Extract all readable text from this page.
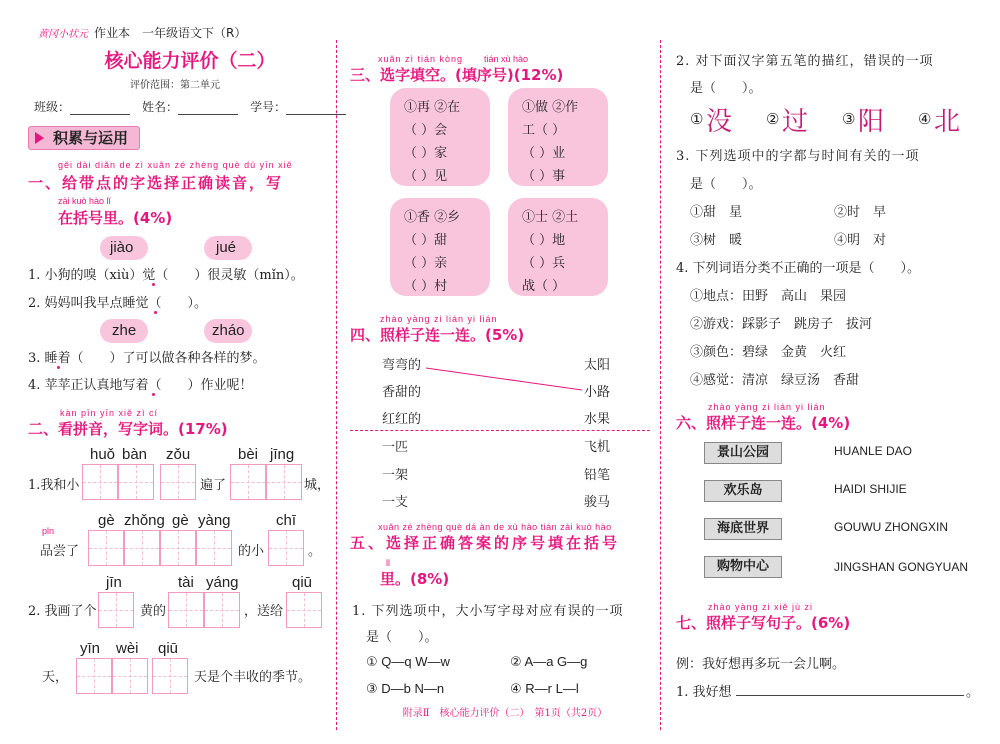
黄冈小状元 作业本　 一年级语文下（R）
核心能力评价（二）
评价范围：第二单元
班级：　	姓名：　	学号：
积累与运用
gěi dài diǎn de zì xuǎn zé zhèng què dú yīn xiě
一、给带点的字选择正确读音，写
zài kuò hào lǐ
在括号里。(4%)
jiào	jué
1. 小狗的嗅（xiù）觉（　　）很灵敏（mǐn）。
2. 妈妈叫我早点睡觉（　　）。
zhe	zháo
3. 睡着（　　）了可以做各种各样的梦。
4. 苹苹正认真地写着（　　）作业呢！
kàn pīn yīn xiě zì cí
二、看拼音，写字词。(17%)
huǒ bàn zǒu	bèi jīng
1.我和小	遍了	城，
pǐn
gè zhǒng gè yàng	chī
品尝了	的小	。
jīn	tài yáng	qiū
2. 我画了个	黄的	，送给
yīn wèi qiū
天，	天是个丰收的季节。
xuǎn zì tián kòng tián xù hào
三、选字填空。(填序号)(12%)
①再 ②在
（ ）会
（ ）家
（ ）见
①做 ②作
工（ ）
（ ）业
（ ）事
①香 ②乡
（ ）甜
（ ）亲
（ ）村
①士 ②土
（ ）地
（ ）兵
战（ ）
zhào yàng zi lián yi lián
四、照样子连一连。(5%)
弯弯的
香甜的
红红的
太阳
小路
水果
一匹
一架
一支
飞机
铅笔
骏马
xuǎn zé zhèng què dá àn de xù hào tián zài kuò hào
五、选择正确答案的序号填在括号
lǐ
里。(8%)
1. 下列选项中，大小写字母对应有误的一项
是（　　）。
① Q—q W—w	② A—a G—g
③ D—b N—n	④ R—r L—l
2. 对下面汉字第五笔的描红，错误的一项
是（　　）。
① 没 ② 过 ③ 阳 ④ 北
3. 下列选项中的字都与时间有关的一项
是（　　）。
①甜　星	②时　早
③树　暖	④明　对
4. 下列词语分类不正确的一项是（　　）。
①地点：田野　高山　果园
②游戏：踩影子　跳房子　拔河
③颜色：碧绿　金黄　火红
④感觉：清凉　绿豆汤　香甜
zhào yàng zi lián yi lián
六、照样子连一连。(4%)
景山公园
欢乐岛
海底世界
购物中心
HUANLE DAO
HAIDI SHIJIE
GOUWU ZHONGXIN
JINGSHAN GONGYUAN
zhào yàng zi xiě jù zi
七、照样子写句子。(6%)
例：我好想再多玩一会儿啊。
1. 我好想	。
附录Ⅱ　核心能力评价（二）　第1页（共2页）
